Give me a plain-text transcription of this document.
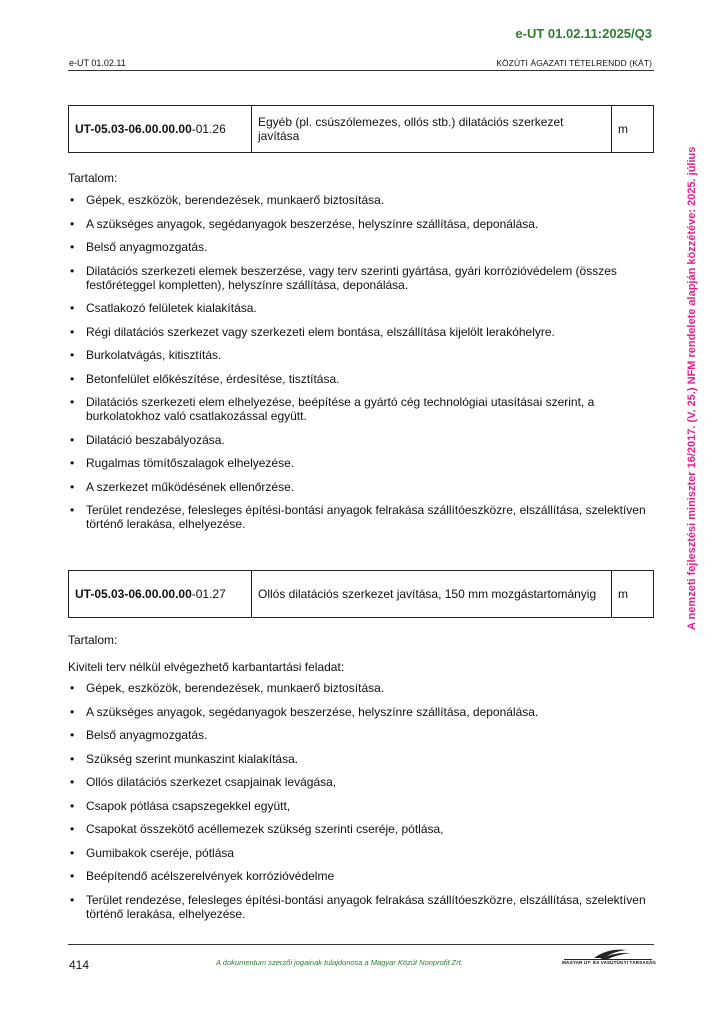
e-UT 01.02.11:2025/Q3
e-UT 01.02.11	KÖZÚTI ÁGAZATI TÉTELRENDD (KÁT)
A nemzeti fejlesztési miniszter 16/2017. (V. 25.) NFM rendelete alapján közzétéve: 2025. július
UT-05.03-06.00.00.00-01.26	Egyéb (pl. csúszólemezes, ollós stb.) dilatációs szerkezet javítása	m

Tartalom:

• Gépek, eszközök, berendezések, munkaerő biztosítása.
• A szükséges anyagok, segédanyagok beszerzése, helyszínre szállítása, deponálása.
• Belső anyagmozgatás.
• Dilatációs szerkezeti elemek beszerzése, vagy terv szerinti gyártása, gyári korrózióvédelem (összes festőréteggel kompletten), helyszínre szállítása, deponálása.
• Csatlakozó felületek kialakítása.
• Régi dilatációs szerkezet vagy szerkezeti elem bontása, elszállítása kijelölt lerakóhelyre.
• Burkolatvágás, kitisztítás.
• Betonfelület előkészítése, érdesítése, tisztítása.
• Dilatációs szerkezeti elem elhelyezése, beépítése a gyártó cég technológiai utasításai szerint, a burkolatokhoz való csatlakozással együtt.
• Dilatáció beszabályozása.
• Rugalmas tömítőszalagok elhelyezése.
• A szerkezet működésének ellenőrzése.
• Terület rendezése, felesleges építési-bontási anyagok felrakása szállítóeszközre, elszállítása, szelektíven történő lerakása, elhelyezése.
UT-05.03-06.00.00.00-01.27	Ollós dilatációs szerkezet javítása, 150 mm mozgástartományig	m

Tartalom:

Kiviteli terv nélkül elvégezhető karbantartási feladat:

• Gépek, eszközök, berendezések, munkaerő biztosítása.
• A szükséges anyagok, segédanyagok beszerzése, helyszínre szállítása, deponálása.
• Belső anyagmozgatás.
• Szükség szerint munkaszint kialakítása.
• Ollós dilatációs szerkezet csapjainak levágása,
• Csapok pótlása csapszegekkel együtt,
• Csapokat összekötő acéllemezek szükség szerinti cseréje, pótlása,
• Gumibakok cseréje, pótlása
• Beépítendő acélszerelvények korrózióvédelme
• Terület rendezése, felesleges építési-bontási anyagok felrakása szállítóeszközre, elszállítása, szelektíven történő lerakása, elhelyezése.
414	A dokumentum szerzői jogainak tulajdonosa a Magyar Közút Nonprofit Zrt.	MAGYAR ÚT- ÉS VASÚTÜGYI TÁRSASÁG
